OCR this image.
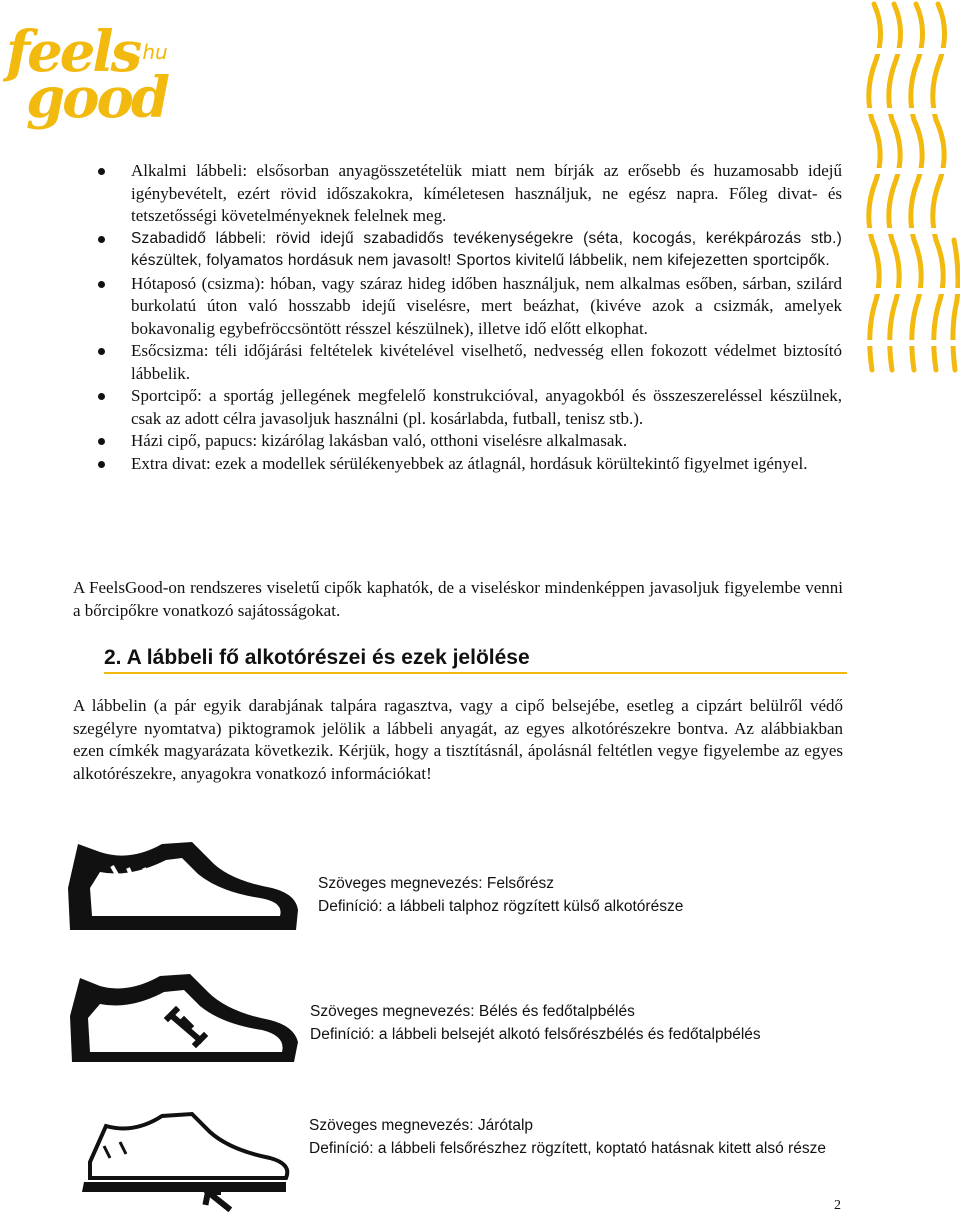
feels
.hu
good
Alkalmi lábbeli: elsősorban anyagösszetételük miatt nem bírják az erősebb és huzamosabb idejű igénybevételt, ezért rövid időszakokra, kíméletesen használjuk, ne egész napra. Főleg divat- és tetszetősségi követelményeknek felelnek meg.
Szabadidő lábbeli: rövid idejű szabadidős tevékenységekre (séta, kocogás, kerékpározás stb.) készültek, folyamatos hordásuk nem javasolt! Sportos kivitelű lábbelik, nem kifejezetten sportcipők.
Hótaposó (csizma): hóban, vagy száraz hideg időben használjuk, nem alkalmas esőben, sárban, szilárd burkolatú úton való hosszabb idejű viselésre, mert beázhat, (kivéve azok a csizmák, amelyek bokavonalig egybefröccsöntött résszel készülnek), illetve idő előtt elkophat.
Esőcsizma: téli időjárási feltételek kivételével viselhető, nedvesség ellen fokozott védelmet biztosító lábbelik.
Sportcipő: a sportág jellegének megfelelő konstrukcióval, anyagokból és összeszereléssel készülnek, csak az adott célra javasoljuk használni (pl. kosárlabda, futball, tenisz stb.).
Házi cipő, papucs: kizárólag lakásban való, otthoni viselésre alkalmasak.
Extra divat: ezek a modellek sérülékenyebbek az átlagnál, hordásuk körültekintő figyelmet igényel.

A FeelsGood-on rendszeres viseletű cipők kaphatók, de a viseléskor mindenképpen javasoljuk figyelembe venni a bőrcipőkre vonatkozó sajátosságokat.

2. A lábbeli fő alkotórészei és ezek jelölése

A lábbelin (a pár egyik darabjának talpára ragasztva, vagy a cipő belsejébe, esetleg a cipzárt belülről védő szegélyre nyomtatva) piktogramok jelölik a lábbeli anyagát, az egyes alkotórészekre bontva. Az alábbiakban ezen címkék magyarázata következik. Kérjük, hogy a tisztításnál, ápolásnál feltétlen vegye figyelembe az egyes alkotórészekre, anyagokra vonatkozó információkat!

Szöveges megnevezés: Felsőrész
Definíció: a lábbeli talphoz rögzített külső alkotórésze

Szöveges megnevezés: Bélés és fedőtalpbélés
Definíció: a lábbeli belsejét alkotó felsőrészbélés és fedőtalpbélés

Szöveges megnevezés: Járótalp
Definíció: a lábbeli felsőrészhez rögzített, koptató hatásnak kitett alsó része

2
